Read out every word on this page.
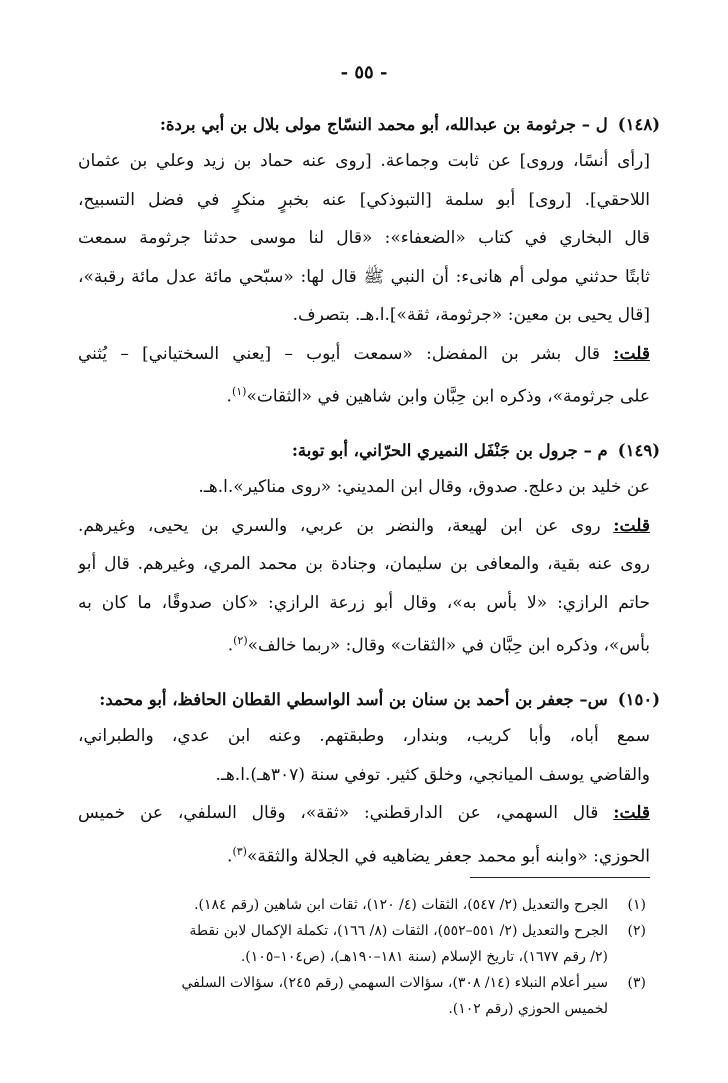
- ٥٥ -
(١٤٨)
ل – جرثومة بن عبدالله، أبو محمد النسّاج مولى بلال بن أبي بردة:
[رأى أنسًا، وروى] عن ثابت وجماعة. [روى عنه حماد بن زيد وعلي بن عثمان
اللاحقي]. [روى] أبو سلمة [التبوذكي] عنه بخبرٍ منكرٍ في فضل التسبيح،
قال البخاري في كتاب «الضعفاء»: «قال لنا موسى حدثنا جرثومة سمعت
ثابتًا حدثني مولى أم هانىء: أن النبي ﷺ قال لها: «سبّحي مائة عدل مائة رقبة»،
[قال يحيى بن معين: «جرثومة، ثقة»].ا.هـ. بتصرف.
قلت: قال بشر بن المفضل: «سمعت أيوب – [يعني السختياني] – يُثني
على جرثومة»، وذكره ابن حِبَّان وابن شاهين في «الثقات»$^{(١)}$.
(١٤٩)
م – جرول بن جَنْفَل النميري الحرّاني، أبو توبة:
عن خليد بن دعلج. صدوق، وقال ابن المديني: «روى مناكير».ا.هـ.
قلت: روى عن ابن لهيعة، والنضر بن عربي، والسري بن يحيى، وغيرهم.
روى عنه بقية، والمعافى بن سليمان، وجنادة بن محمد المري، وغيرهم. قال أبو
حاتم الرازي: «لا بأس به»، وقال أبو زرعة الرازي: «كان صدوقًا، ما كان به
بأس»، وذكره ابن حِبَّان في «الثقات» وقال: «ربما خالف»$^{(٢)}$.
(١٥٠)
س– جعفر بن أحمد بن سنان بن أسد الواسطي القطان الحافظ، أبو محمد:
سمع أباه، وأبا كريب، وبندار، وطبقتهم. وعنه ابن عدي، والطبراني،
والقاضي يوسف الميانجي، وخلق كثير. توفي سنة (٣٠٧هـ).ا.هـ.
قلت: قال السهمي، عن الدارقطني: «ثقة»، وقال السلفي، عن خميس
الحوزي: «وابنه أبو محمد جعفر يضاهيه في الجلالة والثقة»$^{(٣)}$.
(١)
الجرح والتعديل (٢/ ٥٤٧)، الثقات (٤/ ١٢٠)، ثقات ابن شاهين (رقم ١٨٤).
(٢)
الجرح والتعديل (٢/ ٥٥١–٥٥٢)، الثقات (٨/ ١٦٦)، تكملة الإكمال لابن نقطة
(٢/ رقم ١٦٧٧)، تاريخ الإسلام (سنة ١٨١–١٩٠هـ)، (ص١٠٤–١٠٥).
(٣)
سير أعلام النبلاء (١٤/ ٣٠٨)، سؤالات السهمي (رقم ٢٤٥)، سؤالات السلفي
لخميس الحوزي (رقم ١٠٢).
